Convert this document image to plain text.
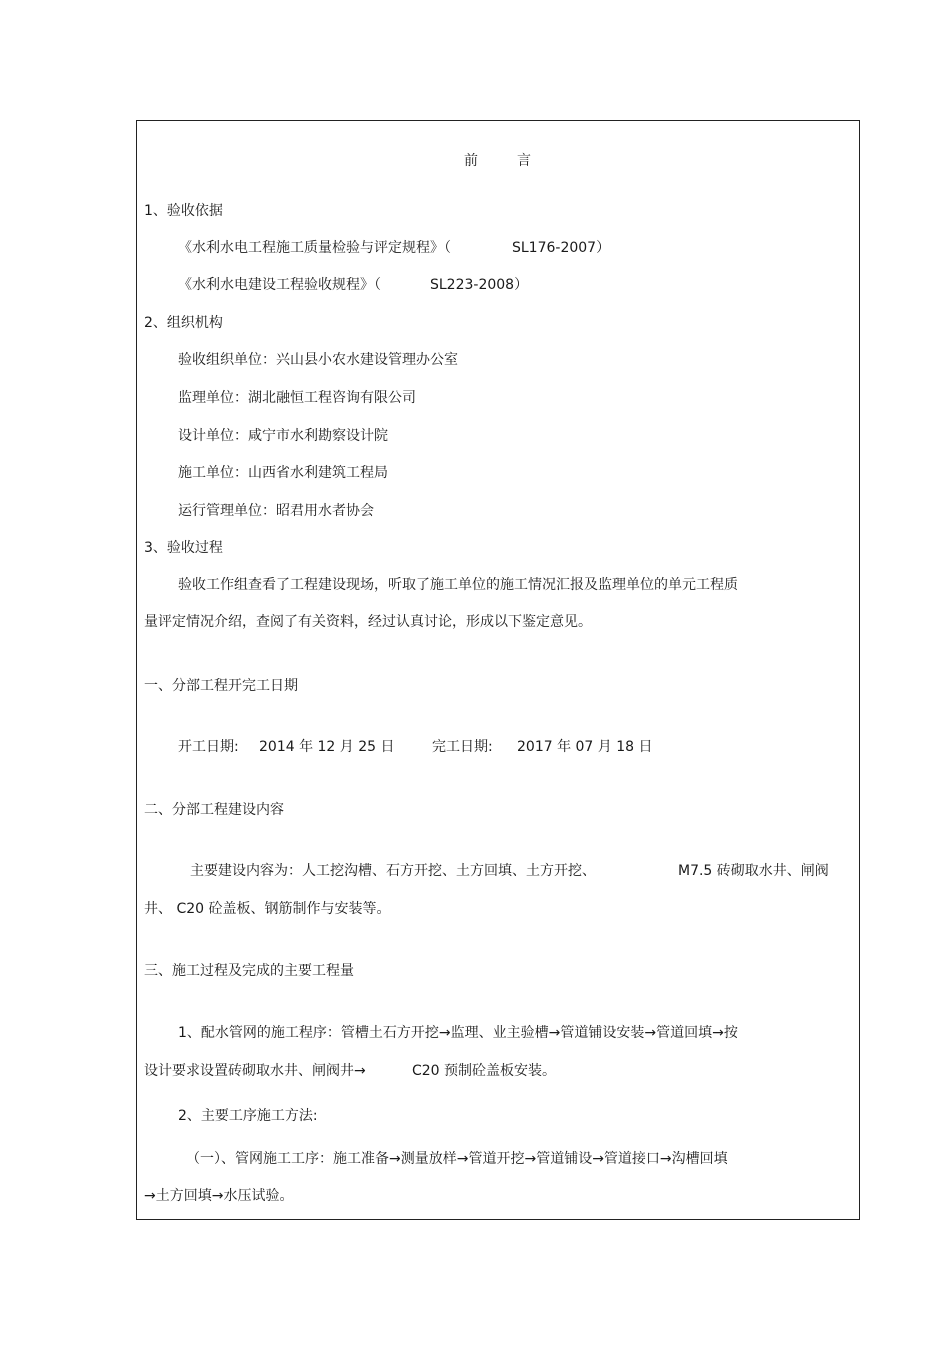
前	言
1、验收依据
《水利水电工程施工质量检验与评定规程》（	SL176-2007）
《水利水电建设工程验收规程》（	SL223-2008）
2、组织机构
验收组织单位：兴山县小农水建设管理办公室
监理单位：湖北融恒工程咨询有限公司
设计单位：咸宁市水利勘察设计院
施工单位：山西省水利建筑工程局
运行管理单位：昭君用水者协会
3、验收过程
验收工作组查看了工程建设现场，听取了施工单位的施工情况汇报及监理单位的单元工程质
量评定情况介绍，查阅了有关资料，经过认真讨论，形成以下鉴定意见。
一、分部工程开完工日期
开工日期: 2014 年 12 月 25 日	完工日期: 2017 年 07 月 18 日
二、分部工程建设内容
主要建设内容为：人工挖沟槽、石方开挖、土方回填、土方开挖、	M7.5 砖砌取水井、闸阀
井、 C20 砼盖板、钢筋制作与安装等。
三、施工过程及完成的主要工程量
1、配水管网的施工程序：管槽土石方开挖→监理、业主验槽→管道铺设安装→管道回填→按
设计要求设置砖砌取水井、闸阀井→	C20 预制砼盖板安装。
2、主要工序施工方法:
（一）、管网施工工序：施工准备→测量放样→管道开挖→管道铺设→管道接口→沟槽回填
→土方回填→水压试验。
